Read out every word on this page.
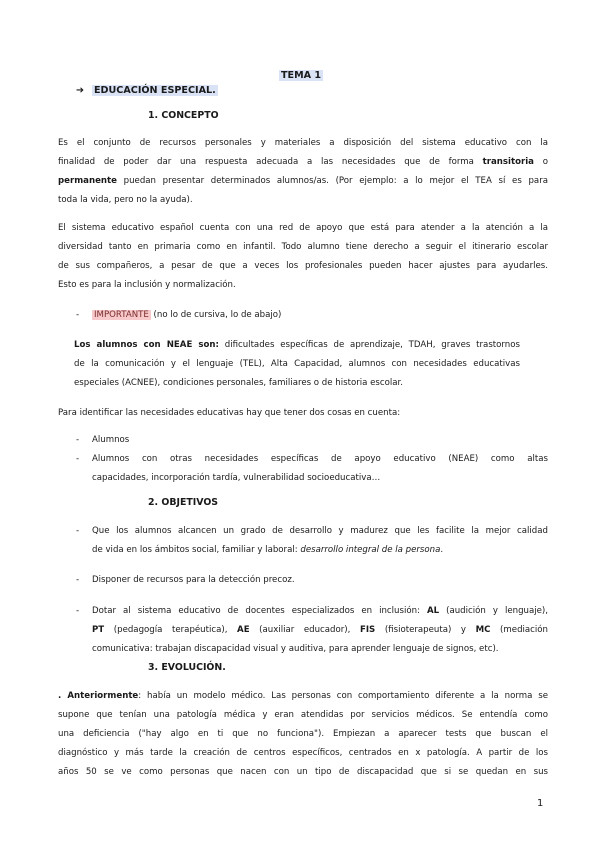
TEMA 1
➔ EDUCACIÓN ESPECIAL.
1. CONCEPTO
Es el conjunto de recursos personales y materiales a disposición del sistema educativo con la
finalidad de poder dar una respuesta adecuada a las necesidades que de forma transitoria o
permanente puedan presentar determinados alumnos/as. (Por ejemplo: a lo mejor el TEA sí es para
toda la vida, pero no la ayuda).
El sistema educativo español cuenta con una red de apoyo que está para atender a la atención a la
diversidad tanto en primaria como en infantil. Todo alumno tiene derecho a seguir el itinerario escolar
de sus compañeros, a pesar de que a veces los profesionales pueden hacer ajustes para ayudarles.
Esto es para la inclusión y normalización.
- IMPORTANTE (no lo de cursiva, lo de abajo)
Los alumnos con NEAE son: dificultades específicas de aprendizaje, TDAH, graves trastornos
de la comunicación y el lenguaje (TEL), Alta Capacidad, alumnos con necesidades educativas
especiales (ACNEE), condiciones personales, familiares o de historia escolar.
Para identificar las necesidades educativas hay que tener dos cosas en cuenta:
- Alumnos
- Alumnos con otras necesidades específicas de apoyo educativo (NEAE) como altas
capacidades, incorporación tardía, vulnerabilidad socioeducativa…
2. OBJETIVOS
- Que los alumnos alcancen un grado de desarrollo y madurez que les facilite la mejor calidad
de vida en los ámbitos social, familiar y laboral: desarrollo integral de la persona.
- Disponer de recursos para la detección precoz.
- Dotar al sistema educativo de docentes especializados en inclusión: AL (audición y lenguaje),
PT (pedagogía terapéutica), AE (auxiliar educador), FIS (fisioterapeuta) y MC (mediación
comunicativa: trabajan discapacidad visual y auditiva, para aprender lenguaje de signos, etc).
3. EVOLUCIÓN.
. Anteriormente: había un modelo médico. Las personas con comportamiento diferente a la norma se
supone que tenían una patología médica y eran atendidas por servicios médicos. Se entendía como
una deficiencia ("hay algo en ti que no funciona"). Empiezan a aparecer tests que buscan el
diagnóstico y más tarde la creación de centros específicos, centrados en x patología. A partir de los
años 50 se ve como personas que nacen con un tipo de discapacidad que si se quedan en sus
1
